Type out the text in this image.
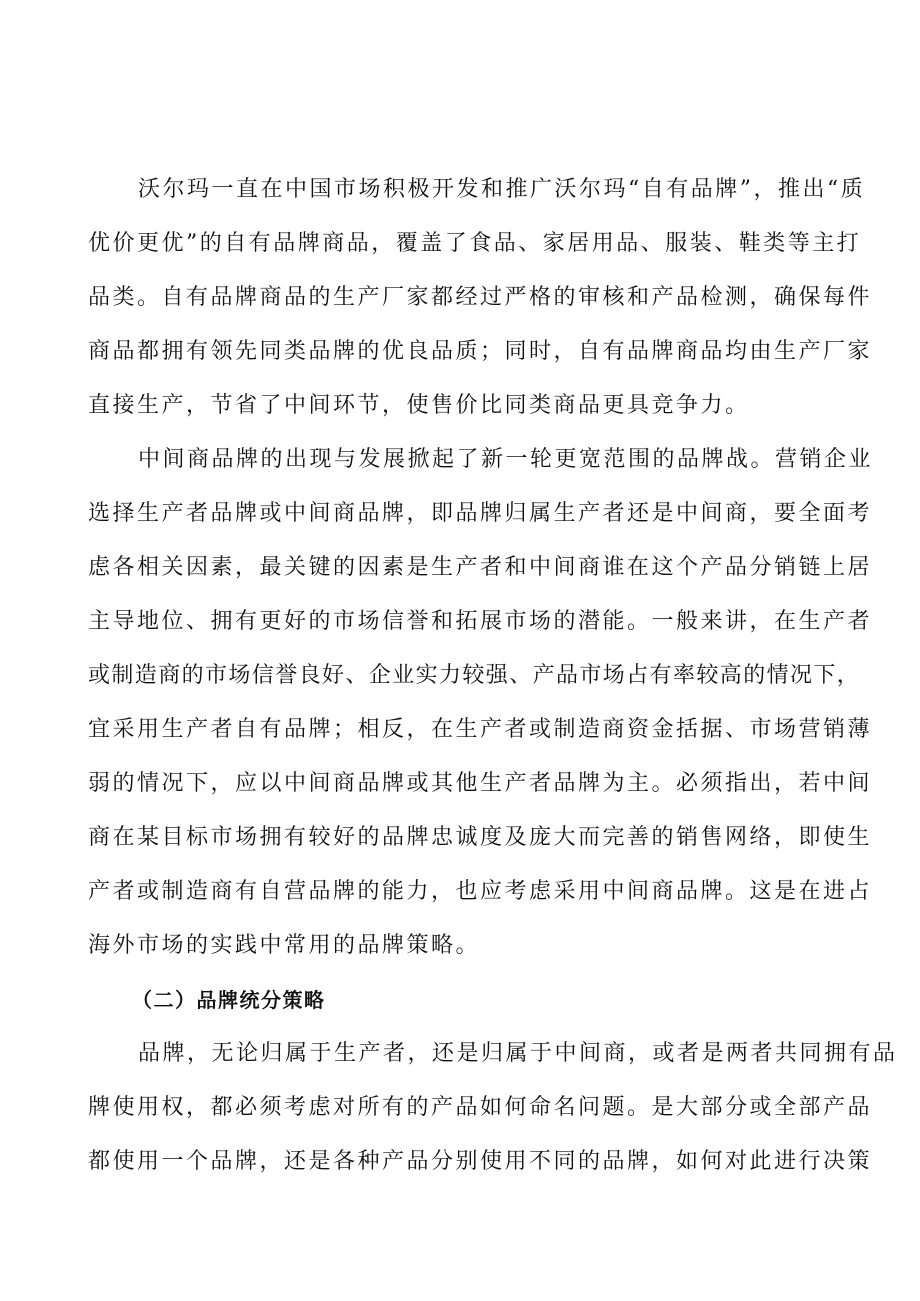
沃尔玛一直在中国市场积极开发和推广沃尔玛“自有品牌”，推出“质
优价更优”的自有品牌商品，覆盖了食品、家居用品、服装、鞋类等主打
品类。自有品牌商品的生产厂家都经过严格的审核和产品检测，确保每件
商品都拥有领先同类品牌的优良品质；同时，自有品牌商品均由生产厂家
直接生产，节省了中间环节，使售价比同类商品更具竞争力。

中间商品牌的出现与发展掀起了新一轮更宽范围的品牌战。营销企业
选择生产者品牌或中间商品牌，即品牌归属生产者还是中间商，要全面考
虑各相关因素，最关键的因素是生产者和中间商谁在这个产品分销链上居
主导地位、拥有更好的市场信誉和拓展市场的潜能。一般来讲，在生产者
或制造商的市场信誉良好、企业实力较强、产品市场占有率较高的情况下，
宜采用生产者自有品牌；相反，在生产者或制造商资金括据、市场营销薄
弱的情况下，应以中间商品牌或其他生产者品牌为主。必须指出，若中间
商在某目标市场拥有较好的品牌忠诚度及庞大而完善的销售网络，即使生
产者或制造商有自营品牌的能力，也应考虑采用中间商品牌。这是在进占
海外市场的实践中常用的品牌策略。

（二）品牌统分策略

品牌，无论归属于生产者，还是归属于中间商，或者是两者共同拥有品
牌使用权，都必须考虑对所有的产品如何命名问题。是大部分或全部产品
都使用一个品牌，还是各种产品分别使用不同的品牌，如何对此进行决策
